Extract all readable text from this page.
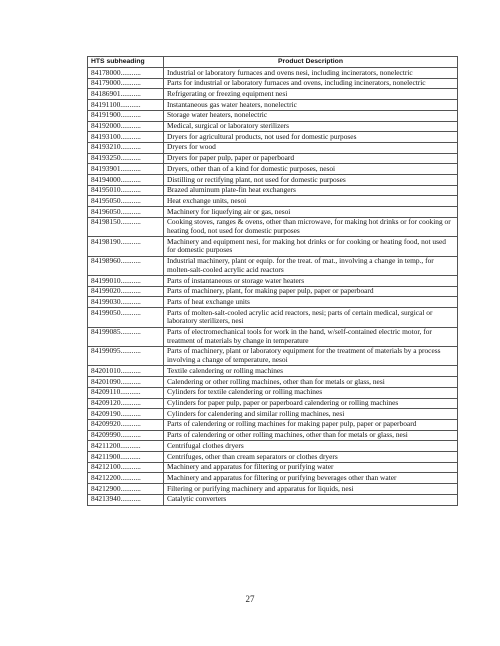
HTS subheading	Product Description
84178000...........	Industrial or laboratory furnaces and ovens nesi, including incinerators, nonelectric
84179000...........	Parts for industrial or laboratory furnaces and ovens, including incinerators, nonelectric
84186901...........	Refrigerating or freezing equipment nesi
84191100...........	Instantaneous gas water heaters, nonelectric
84191900...........	Storage water heaters, nonelectric
84192000...........	Medical, surgical or laboratory sterilizers
84193100...........	Dryers for agricultural products, not used for domestic purposes
84193210...........	Dryers for wood
84193250...........	Dryers for paper pulp, paper or paperboard
84193901...........	Dryers, other than of a kind for domestic purposes, nesoi
84194000...........	Distilling or rectifying plant, not used for domestic purposes
84195010...........	Brazed aluminum plate-fin heat exchangers
84195050...........	Heat exchange units, nesoi
84196050...........	Machinery for liquefying air or gas, nesoi
84198150...........	Cooking stoves, ranges & ovens, other than microwave, for making hot drinks or for cooking or heating food, not used for domestic purposes
84198190...........	Machinery and equipment nesi, for making hot drinks or for cooking or heating food, not used for domestic purposes
84198960...........	Industrial machinery, plant or equip. for the treat. of mat., involving a change in temp., for molten-salt-cooled acrylic acid reactors
84199010...........	Parts of instantaneous or storage water heaters
84199020...........	Parts of machinery, plant, for making paper pulp, paper or paperboard
84199030...........	Parts of heat exchange units
84199050...........	Parts of molten-salt-cooled acrylic acid reactors, nesi; parts of certain medical, surgical or laboratory sterilizers, nesi
84199085...........	Parts of electromechanical tools for work in the hand, w/self-contained electric motor, for treatment of materials by change in temperature
84199095...........	Parts of machinery, plant or laboratory equipment for the treatment of materials by a process involving a change of temperature, nesoi
84201010...........	Textile calendering or rolling machines
84201090...........	Calendering or other rolling machines, other than for metals or glass, nesi
84209110...........	Cylinders for textile calendering or rolling machines
84209120...........	Cylinders for paper pulp, paper or paperboard calendering or rolling machines
84209190...........	Cylinders for calendering and similar rolling machines, nesi
84209920...........	Parts of calendering or rolling machines for making paper pulp, paper or paperboard
84209990...........	Parts of calendering or other rolling machines, other than for metals or glass, nesi
84211200...........	Centrifugal clothes dryers
84211900...........	Centrifuges, other than cream separators or clothes dryers
84212100...........	Machinery and apparatus for filtering or purifying water
84212200...........	Machinery and apparatus for filtering or purifying beverages other than water
84212900...........	Filtering or purifying machinery and apparatus for liquids, nesi
84213940...........	Catalytic converters
27
